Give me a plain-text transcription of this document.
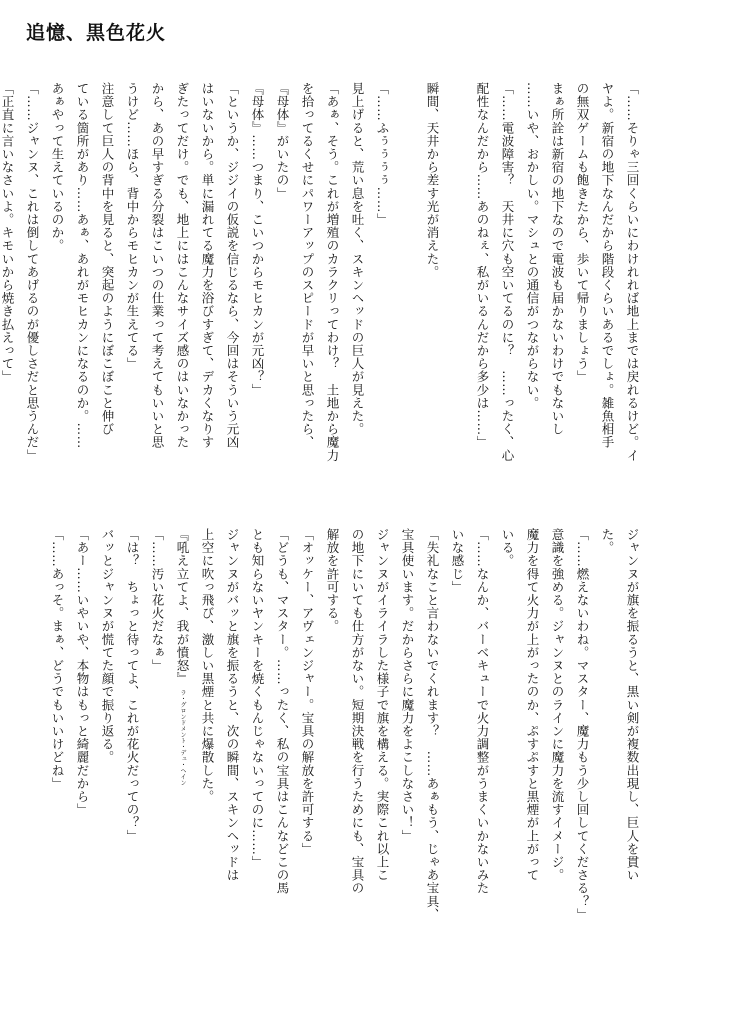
追憶、黒色花火
「……そりゃ三回くらいにわけれれば地上までは戻れるけど。イ
ヤよ。新宿の地下なんだから階段くらいあるでしょ。雑魚相手
の無双ゲームも飽きたから、歩いて帰りましょう」
まぁ所詮は新宿の地下なので電波も届かないわけでもないし
……いや、おかしい。マシュとの通信がつながらない。
「……電波障害？　天井に穴も空いてるのに？　……ったく、心
配性なんだから……あのねぇ、私がいるんだから多少は……」
瞬間、天井から差す光が消えた。
「……ふぅぅぅぅ……」
見上げると、荒い息を吐く、スキンヘッドの巨人が見えた。
「あぁ、そう。これが増殖のカラクリってわけ？　土地から魔力
を拾ってるくせにパワーアップのスピードが早いと思ったら、
『母体』がいたの」
『母体』……つまり、こいつからモヒカンが元凶？」
「というか、ジジイの仮説を信じるなら、今回はそういう元凶
はいないから。単に漏れてる魔力を浴びすぎて、デカくなりす
ぎたってだけ。でも、地上にはこんなサイズ感のはいなかった
から、あの早すぎる分裂はこいつの仕業って考えてもいいと思
うけど……ほら、背中からモヒカンが生えてる」
注意して巨人の背中を見ると、突起のようにぼこぼこと伸び
ている箇所があり……あぁ、あれがモヒカンになるのか。……
あぁやって生えているのか。
「……ジャンヌ、これは倒してあげるのが優しさだと思うんだ」
「正直に言いなさいよ。キモいから焼き払えって」
ジャンヌが旗を振るうと、黒い剣が複数出現し、巨人を貫い
た。
「……燃えないわね。マスター、魔力もう少し回してくださる？」
意識を強める。ジャンヌとのラインに魔力を流すイメージ。
魔力を得て火力が上がったのか、ぷすぷすと黒煙が上がって
いる。
「……なんか、バーベキューで火力調整がうまくいかないみた
いな感じ」
「失礼なこと言わないでくれます？　……あぁもう、じゃあ宝具、
宝具使います。だからさらに魔力をよこしなさい！」
ジャンヌがイライラした様子で旗を構える。実際これ以上こ
の地下にいても仕方がない。短期決戦を行うためにも、宝具の
解放を許可する。
「オッケー、アヴェンジャー。宝具の解放を許可する」
「どうも、マスター。……ったく、私の宝具はこんなどこの馬
とも知らないヤンキーを焼くもんじゃないってのに……」
ジャンヌがバッと旗を振るうと、次の瞬間、スキンヘッドは
上空に吹っ飛び、激しい黒煙と共に爆散した。
『吼え立てよ、我が憤怒』 ラ・グロンドメント・デュ・ヘイン
「……汚い花火だなぁ」
「は？　ちょっと待ってよ、これが花火だっての？」
バッとジャンヌが慌てた顔で振り返る。
「あー……いやいや、本物はもっと綺麗だから」
「……あっそ。まぁ、どうでもいいけどね」
